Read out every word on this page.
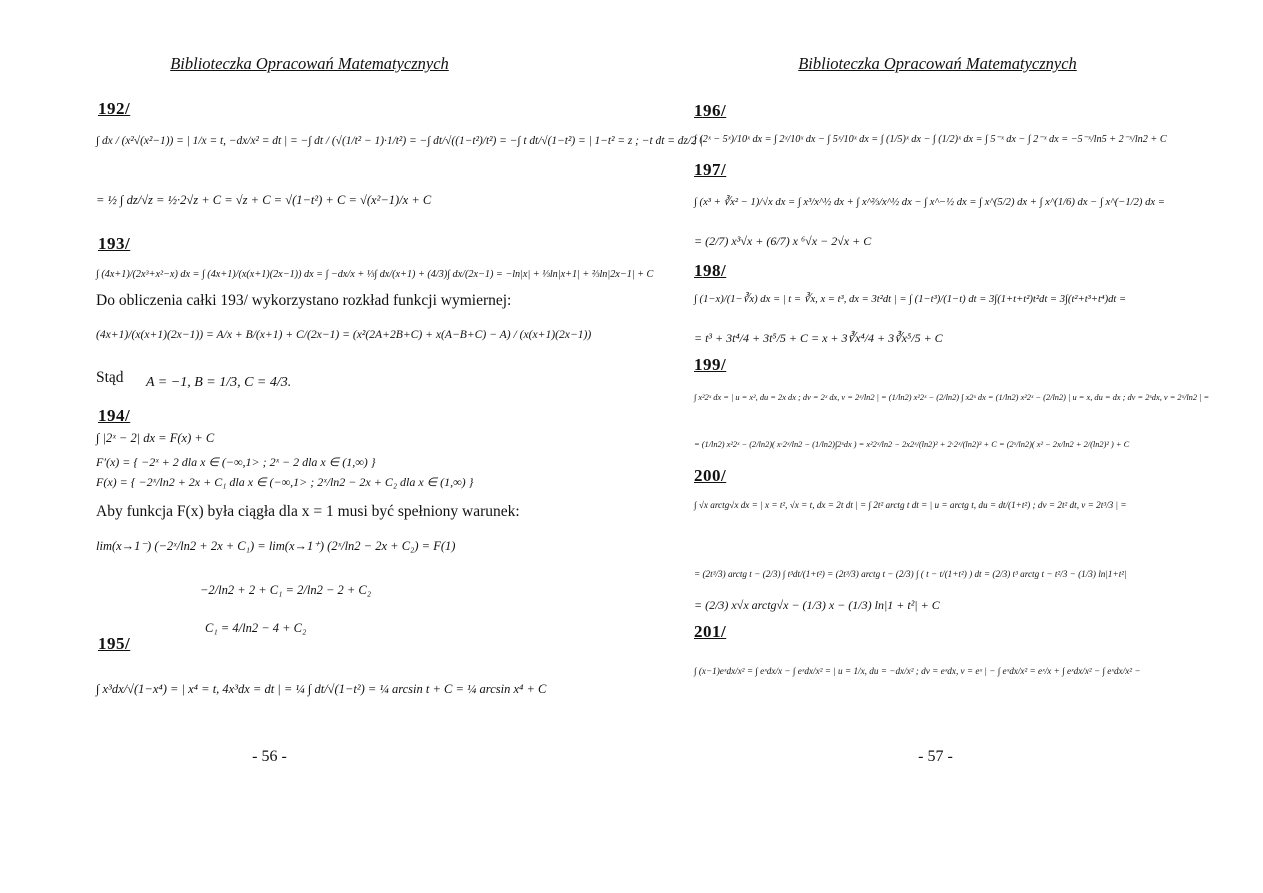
Biblioteczka Opracowań Matematycznych
192/
∫ dx / (x²√(x²−1)) = | 1/x = t, −dx/x² = dt | = −∫ dt / (√(1/t² − 1)·1/t²) = −∫ dt/√((1−t²)/t²) = −∫ t dt/√(1−t²) = | 1−t² = z ; −t dt = dz/2 |
= ½ ∫ dz/√z = ½·2√z + C = √z + C = √(1−t²) + C = √(x²−1)/x + C
193/
∫ (4x+1)/(2x³+x²−x) dx = ∫ (4x+1)/(x(x+1)(2x−1)) dx = ∫ −dx/x + ⅓∫ dx/(x+1) + (4/3)∫ dx/(2x−1) = −ln|x| + ⅓ln|x+1| + ⅔ln|2x−1| + C
Do obliczenia całki 193/ wykorzystano rozkład funkcji wymiernej:
(4x+1)/(x(x+1)(2x−1)) = A/x + B/(x+1) + C/(2x−1) = (x²(2A+2B+C) + x(A−B+C) − A) / (x(x+1)(2x−1))
Stąd A = −1, B = 1/3, C = 4/3.
194/
∫ |2ˣ − 2| dx = F(x) + C
F′(x) = { −2ˣ + 2 dla x ∈ (−∞,1> ; 2ˣ − 2 dla x ∈ (1,∞) }
F(x) = { −2ˣ/ln2 + 2x + C₁ dla x ∈ (−∞,1> ; 2ˣ/ln2 − 2x + C₂ dla x ∈ (1,∞) }
Aby funkcja F(x) była ciągła dla x = 1 musi być spełniony warunek:
lim(x→1⁻) (−2ˣ/ln2 + 2x + C₁) = lim(x→1⁺) (2ˣ/ln2 − 2x + C₂) = F(1)
−2/ln2 + 2 + C₁ = 2/ln2 − 2 + C₂
C₁ = 4/ln2 − 4 + C₂
195/
∫ x³dx/√(1−x⁴) = | x⁴ = t, 4x³dx = dt | = ¼ ∫ dt/√(1−t²) = ¼ arcsin t + C = ¼ arcsin x⁴ + C
- 56 -
Biblioteczka Opracowań Matematycznych
196/
∫ (2ˣ − 5ˣ)/10ˣ dx = ∫ 2ˣ/10ˣ dx − ∫ 5ˣ/10ˣ dx = ∫ (1/5)ˣ dx − ∫ (1/2)ˣ dx = ∫ 5⁻ˣ dx − ∫ 2⁻ˣ dx = −5⁻ˣ/ln5 + 2⁻ˣ/ln2 + C
197/
∫ (x³ + ∛x² − 1)/√x dx = ∫ x³/x^½ dx + ∫ x^⅔/x^½ dx − ∫ x^−½ dx = ∫ x^(5/2) dx + ∫ x^(1/6) dx − ∫ x^(−1/2) dx =
= (2/7) x³√x + (6/7) x ⁶√x − 2√x + C
198/
∫ (1−x)/(1−∛x) dx = | t = ∛x, x = t³, dx = 3t²dt | = ∫ (1−t³)/(1−t) dt = 3∫(1+t+t²)t²dt = 3∫(t²+t³+t⁴)dt =
= t³ + 3t⁴/4 + 3t⁵/5 + C = x + 3∛x⁴/4 + 3∛x⁵/5 + C
199/
∫ x²2ˣ dx = | u = x², du = 2x dx ; dv = 2ˣ dx, v = 2ˣ/ln2 | = (1/ln2) x²2ˣ − (2/ln2) ∫ x2ˣ dx = (1/ln2) x²2ˣ − (2/ln2) | u = x, du = dx ; dv = 2ˣdx, v = 2ˣ/ln2 | =
= (1/ln2) x²2ˣ − (2/ln2)( x·2ˣ/ln2 − (1/ln2)∫2ˣdx ) = x²2ˣ/ln2 − 2x2ˣ/(ln2)² + 2·2ˣ/(ln2)³ + C = (2ˣ/ln2)( x² − 2x/ln2 + 2/(ln2)² ) + C
200/
∫ √x arctg√x dx = | x = t², √x = t, dx = 2t dt | = ∫ 2t² arctg t dt = | u = arctg t, du = dt/(1+t²) ; dv = 2t² dt, v = 2t³/3 | =
= (2t³/3) arctg t − (2/3) ∫ t³dt/(1+t²) = (2t³/3) arctg t − (2/3) ∫ ( t − t/(1+t²) ) dt = (2/3) t³ arctg t − t²/3 − (1/3) ln|1+t²|
= (2/3) x√x arctg√x − (1/3) x − (1/3) ln|1 + t²| + C
201/
∫ (x−1)eˣdx/x² = ∫ eˣdx/x − ∫ eˣdx/x² = | u = 1/x, du = −dx/x² ; dv = eˣdx, v = eˣ | − ∫ eˣdx/x² = eˣ/x + ∫ eˣdx/x² − ∫ eˣdx/x² −
- 57 -
